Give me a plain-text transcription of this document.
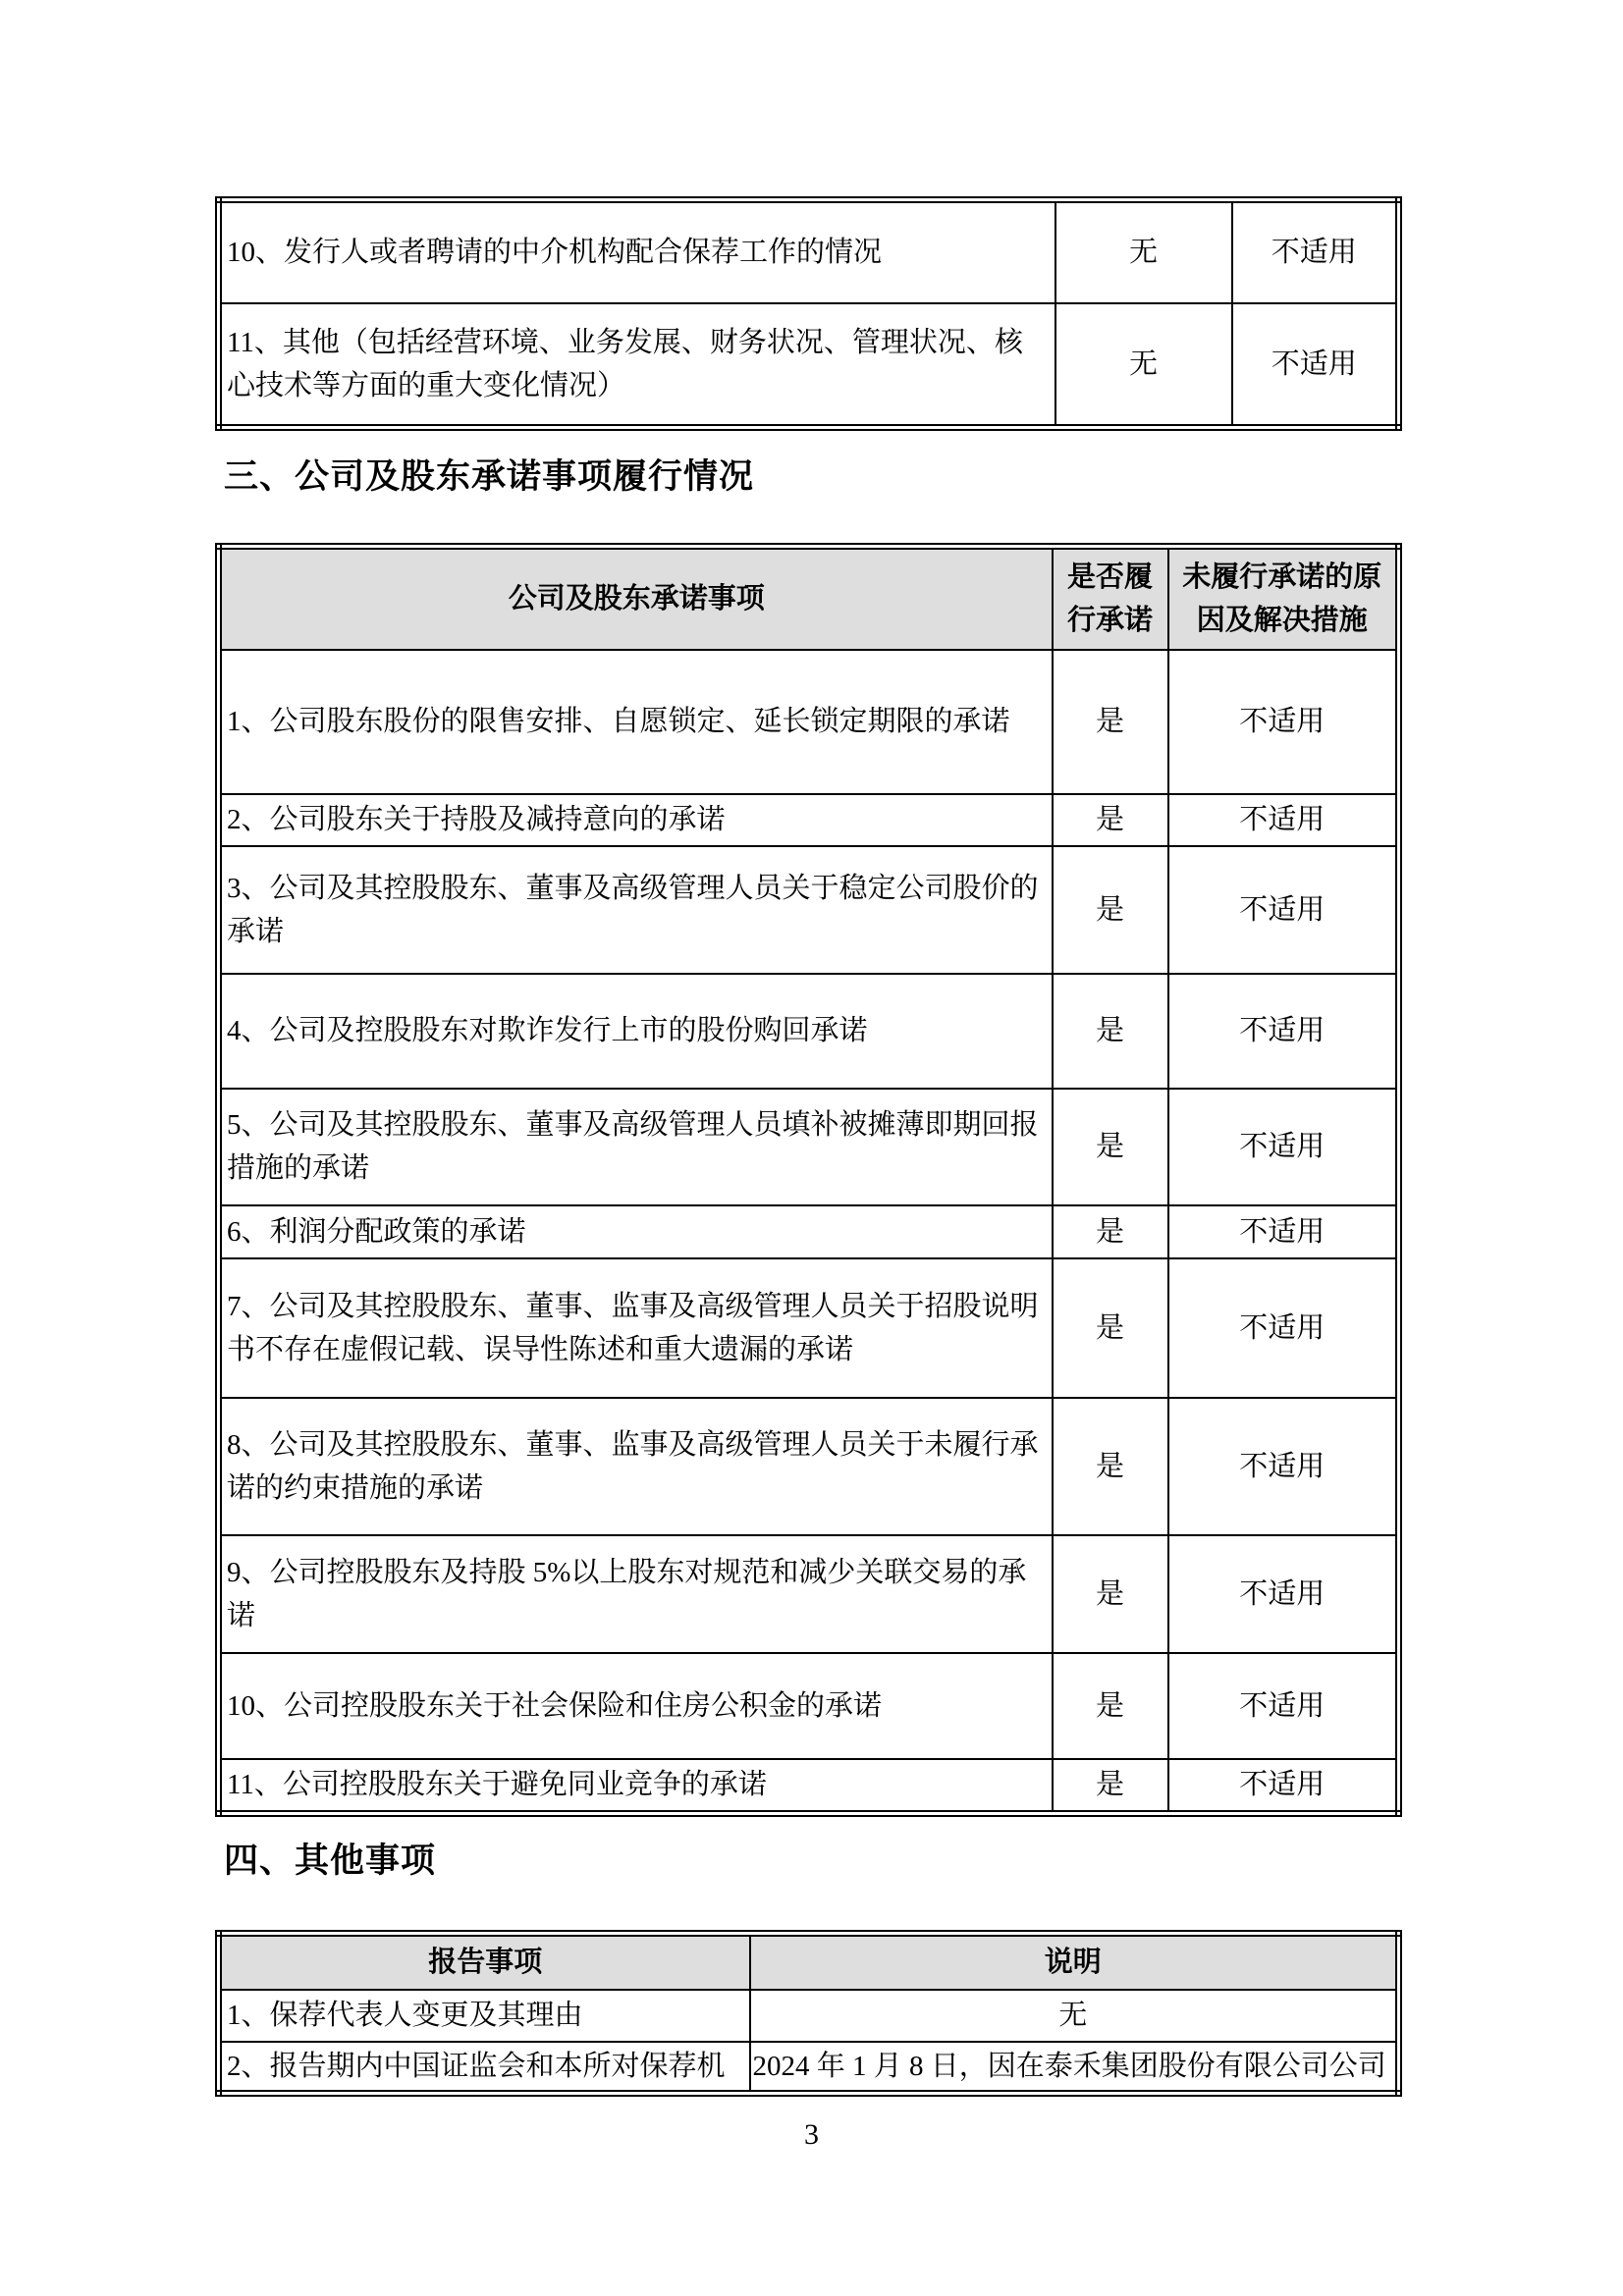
10、发行人或者聘请的中介机构配合保荐工作的情况	无	不适用
11、其他（包括经营环境、业务发展、财务状况、管理状况、核心技术等方面的重大变化情况）	无	不适用
三、公司及股东承诺事项履行情况
公司及股东承诺事项	是否履行承诺	未履行承诺的原因及解决措施
1、公司股东股份的限售安排、自愿锁定、延长锁定期限的承诺	是	不适用
2、公司股东关于持股及减持意向的承诺	是	不适用
3、公司及其控股股东、董事及高级管理人员关于稳定公司股价的承诺	是	不适用
4、公司及控股股东对欺诈发行上市的股份购回承诺	是	不适用
5、公司及其控股股东、董事及高级管理人员填补被摊薄即期回报措施的承诺	是	不适用
6、利润分配政策的承诺	是	不适用
7、公司及其控股股东、董事、监事及高级管理人员关于招股说明书不存在虚假记载、误导性陈述和重大遗漏的承诺	是	不适用
8、公司及其控股股东、董事、监事及高级管理人员关于未履行承诺的约束措施的承诺	是	不适用
9、公司控股股东及持股 5%以上股东对规范和减少关联交易的承诺	是	不适用
10、公司控股股东关于社会保险和住房公积金的承诺	是	不适用
11、公司控股股东关于避免同业竞争的承诺	是	不适用
四、其他事项
报告事项	说明
1、保荐代表人变更及其理由	无
2、报告期内中国证监会和本所对保荐机	2024 年 1 月 8 日，因在泰禾集团股份有限公司公司
3
